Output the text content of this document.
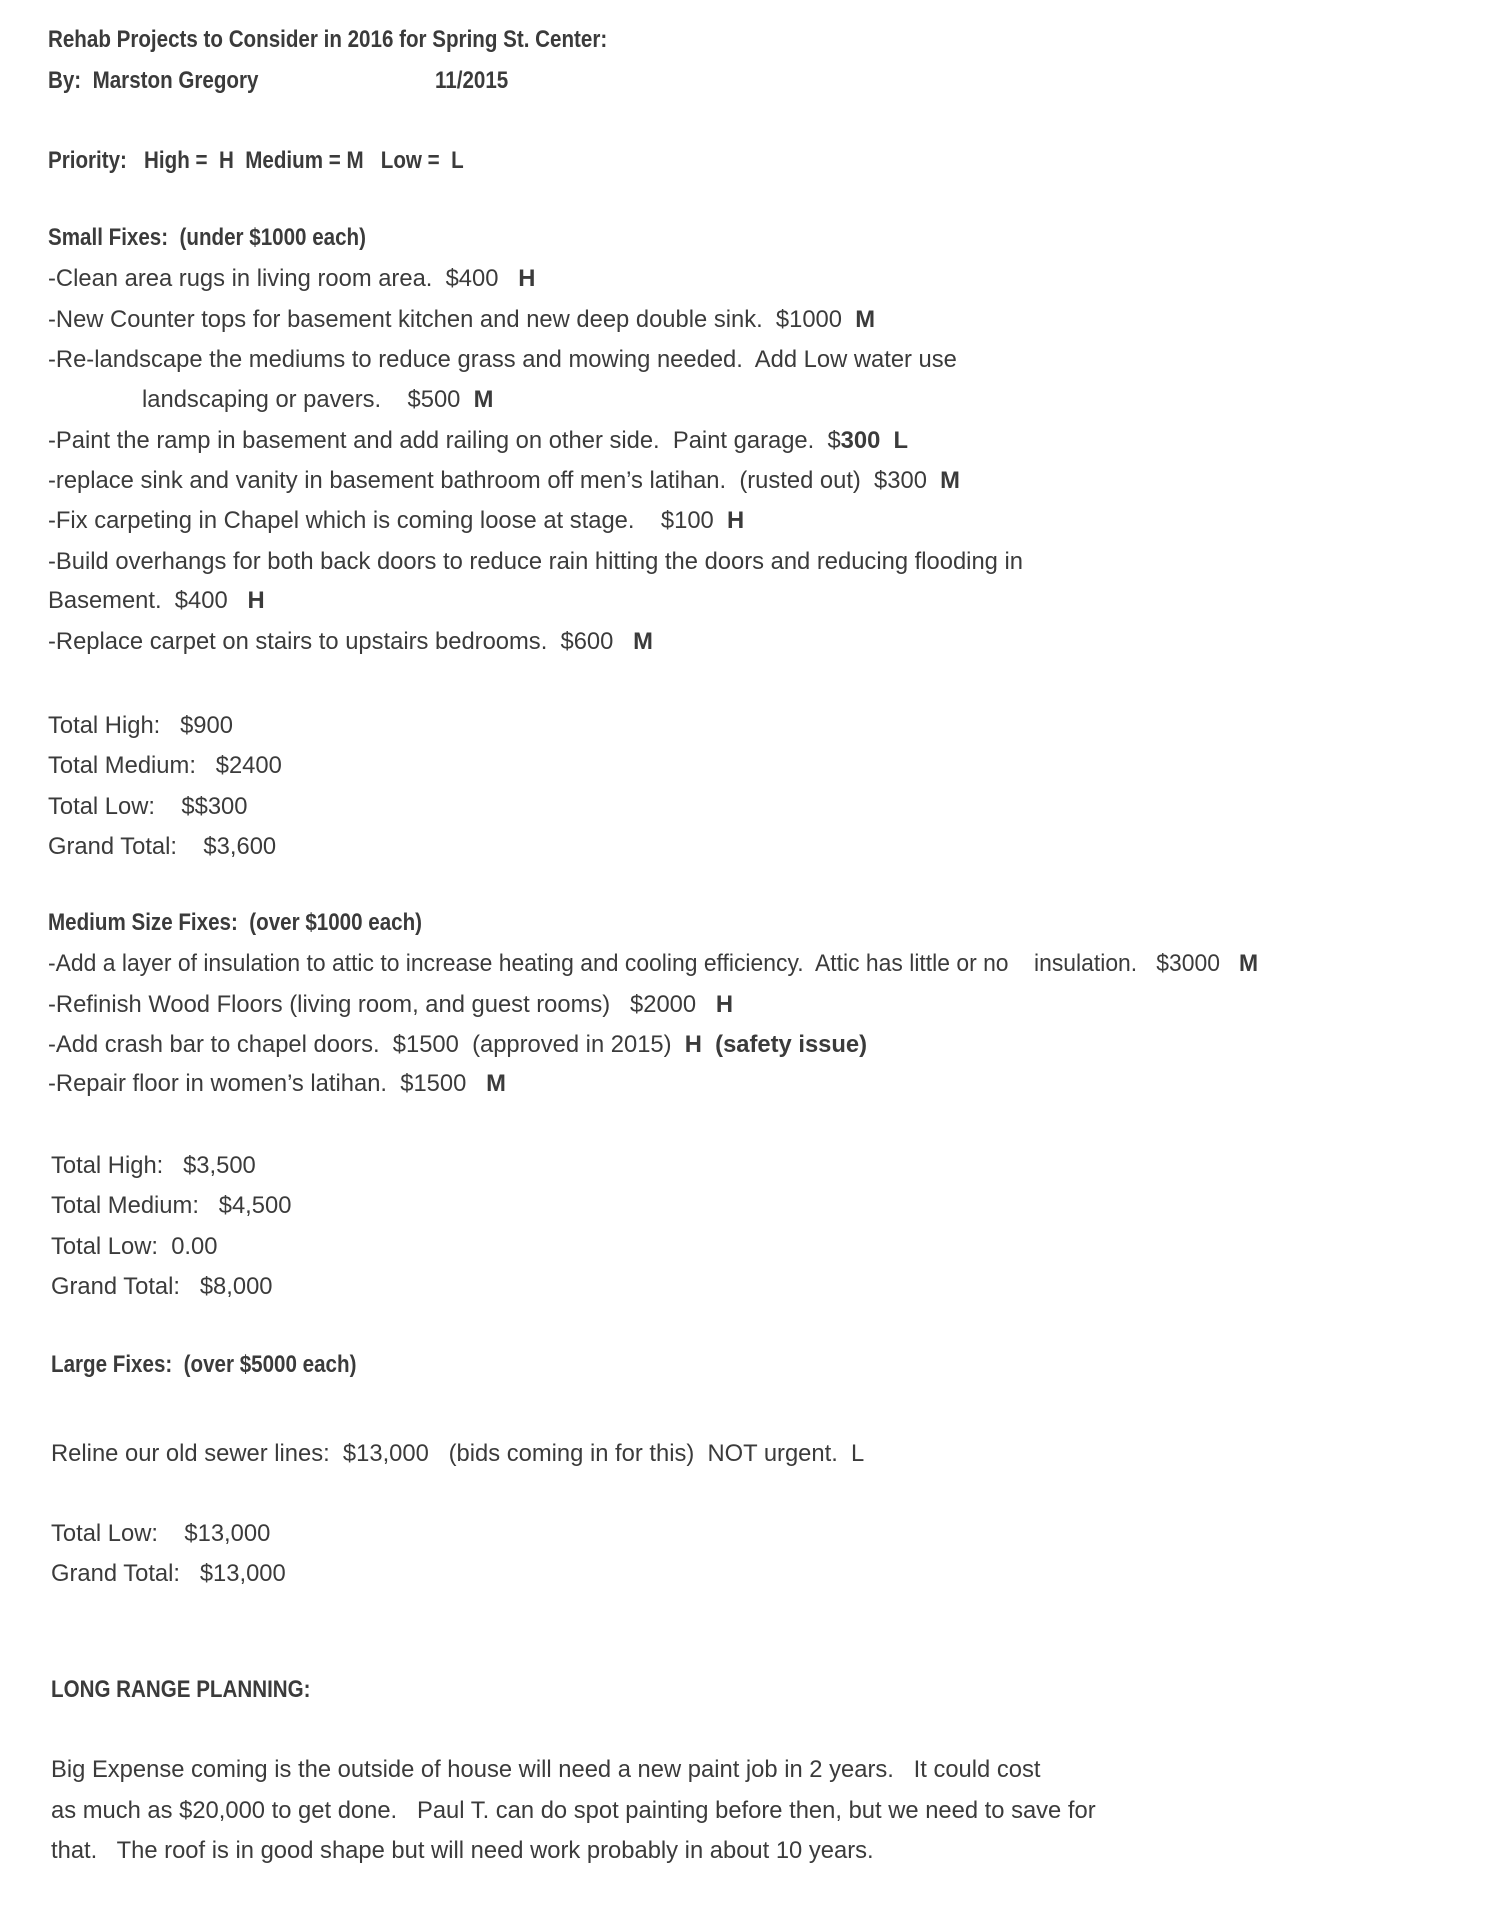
Rehab Projects to Consider in 2016 for Spring St. Center:
By:  Marston Gregory	11/2015
Priority:   High =  H  Medium = M   Low =  L
Small Fixes:  (under $1000 each)
-Clean area rugs in living room area.  $400   H
-New Counter tops for basement kitchen and new deep double sink.  $1000  M
-Re-landscape the mediums to reduce grass and mowing needed.  Add Low water use
landscaping or pavers.    $500  M
-Paint the ramp in basement and add railing on other side.  Paint garage.  $300 L
-replace sink and vanity in basement bathroom off men’s latihan.  (rusted out)  $300  M
-Fix carpeting in Chapel which is coming loose at stage.    $100  H
-Build overhangs for both back doors to reduce rain hitting the doors and reducing flooding in
Basement.  $400   H
-Replace carpet on stairs to upstairs bedrooms.  $600   M
Total High:   $900
Total Medium:   $2400
Total Low:    $$300
Grand Total:    $3,600
Medium Size Fixes:  (over $1000 each)
-Add a layer of insulation to attic to increase heating and cooling efficiency.  Attic has little or no    insulation.   $3000   M
-Refinish Wood Floors (living room, and guest rooms)   $2000   H
-Add crash bar to chapel doors.  $1500  (approved in 2015)  H  (safety issue)
-Repair floor in women’s latihan.  $1500   M
Total High:   $3,500
Total Medium:   $4,500
Total Low:  0.00
Grand Total:   $8,000
Large Fixes:  (over $5000 each)
Reline our old sewer lines:  $13,000   (bids coming in for this)  NOT urgent.  L
Total Low:    $13,000
Grand Total:   $13,000
LONG RANGE PLANNING:
Big Expense coming is the outside of house will need a new paint job in 2 years.   It could cost
as much as $20,000 to get done.   Paul T. can do spot painting before then, but we need to save for
that.   The roof is in good shape but will need work probably in about 10 years.
